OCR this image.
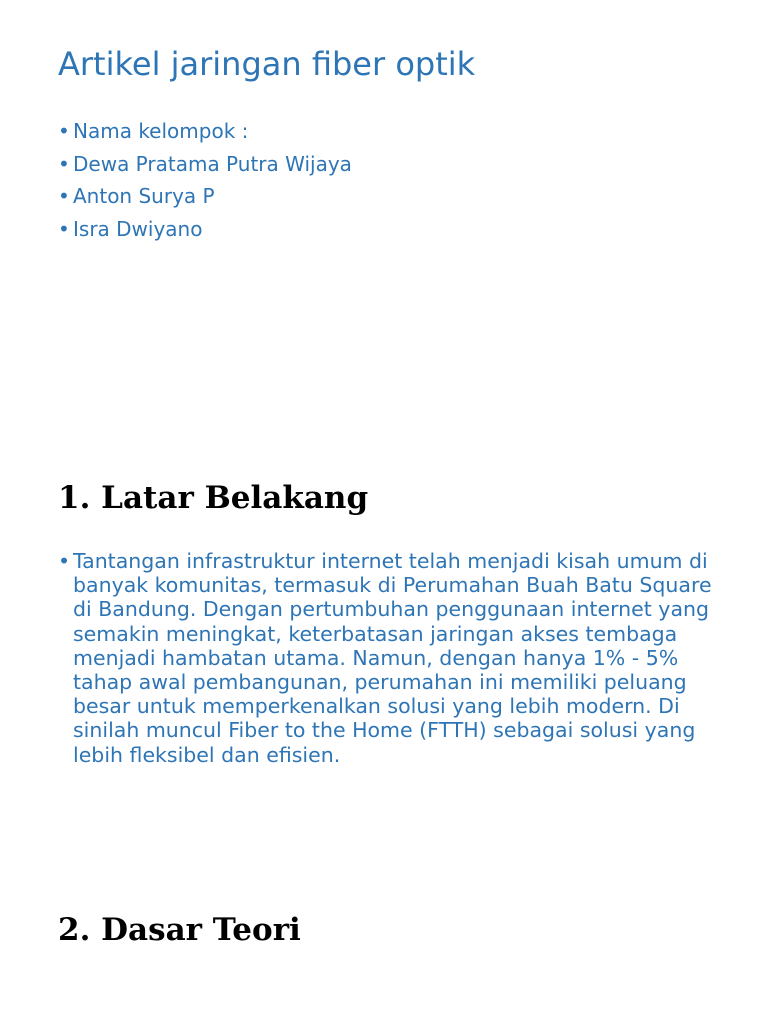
Artikel jaringan fiber optik
• Nama kelompok :
• Dewa Pratama Putra Wijaya
• Anton Surya P
• Isra Dwiyano
1. Latar Belakang
• Tantangan infrastruktur internet telah menjadi kisah umum di banyak komunitas, termasuk di Perumahan Buah Batu Square di Bandung. Dengan pertumbuhan penggunaan internet yang semakin meningkat, keterbatasan jaringan akses tembaga menjadi hambatan utama. Namun, dengan hanya 1% - 5% tahap awal pembangunan, perumahan ini memiliki peluang besar untuk memperkenalkan solusi yang lebih modern. Di sinilah muncul Fiber to the Home (FTTH) sebagai solusi yang lebih fleksibel dan efisien.
2. Dasar Teori
